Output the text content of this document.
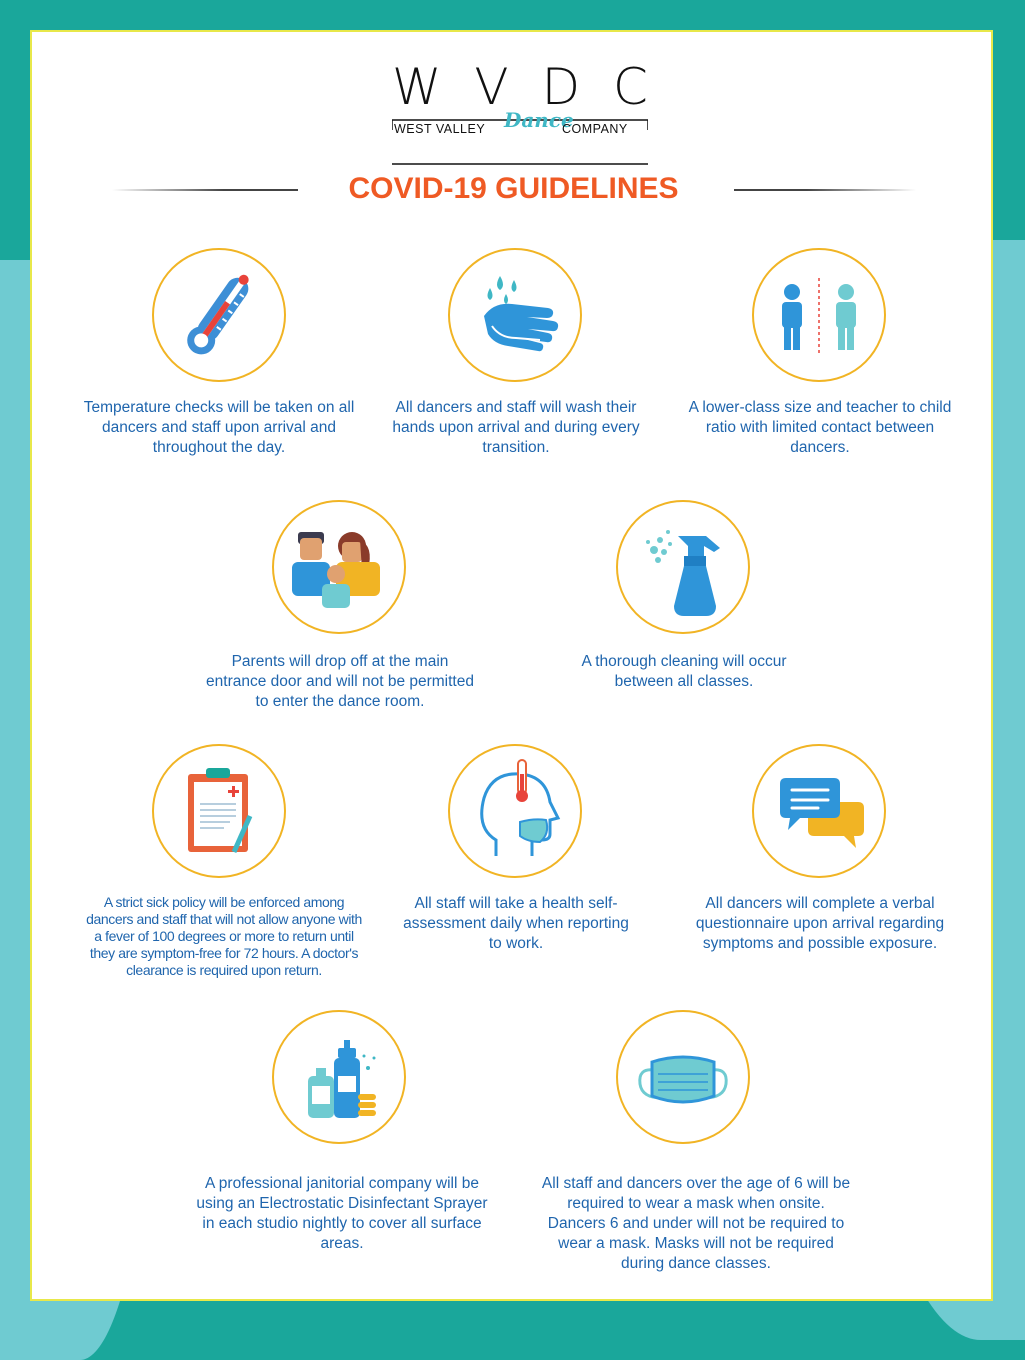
W V D C
WEST VALLEY Dance
COMPANY
COVID-19 GUIDELINES
Temperature checks will be taken on all dancers and staff upon arrival and throughout the day.
All dancers and staff will wash their hands upon arrival and during every transition.
A lower-class size and teacher to child ratio with limited contact between dancers.
Parents will drop off at the main entrance door and will not be permitted to enter the dance room.
A thorough cleaning will occur between all classes.
A strict sick policy will be enforced among dancers and staff that will not allow anyone with a fever of 100 degrees or more to return until they are symptom-free for 72 hours. A doctor's clearance is required upon return.
All staff will take a health self-assessment daily when reporting to work.
All dancers will complete a verbal questionnaire upon arrival regarding symptoms and possible exposure.
A professional janitorial company will be using an Electrostatic Disinfectant Sprayer in each studio nightly to cover all surface areas.
All staff and dancers over the age of 6 will be required to wear a mask when onsite. Dancers 6 and under will not be required to wear a mask. Masks will not be required during dance classes.
